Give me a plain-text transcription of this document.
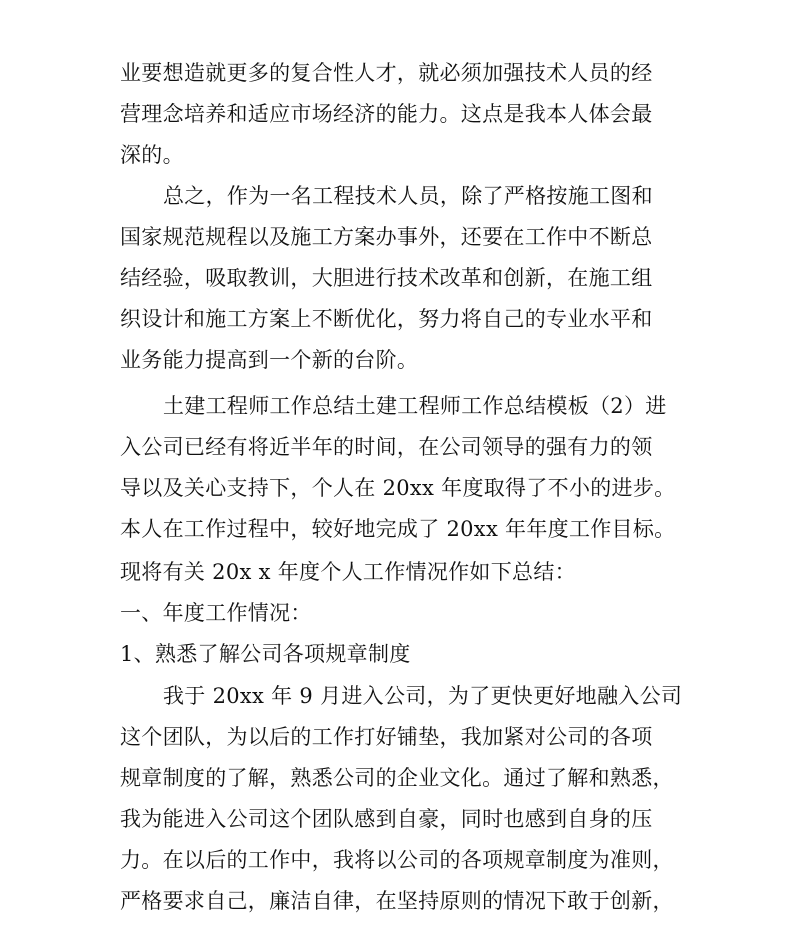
业要想造就更多的复合性人才，就必须加强技术人员的经
营理念培养和适应市场经济的能力。这点是我本人体会最
深的。
总之，作为一名工程技术人员，除了严格按施工图和
国家规范规程以及施工方案办事外，还要在工作中不断总
结经验，吸取教训，大胆进行技术改革和创新，在施工组
织设计和施工方案上不断优化，努力将自己的专业水平和
业务能力提高到一个新的台阶。
土建工程师工作总结土建工程师工作总结模板（2）进
入公司已经有将近半年的时间，在公司领导的强有力的领
导以及关心支持下，个人在 20xx 年度取得了不小的进步。
本人在工作过程中，较好地完成了 20xx 年年度工作目标。
现将有关 20x x 年度个人工作情况作如下总结：
一、年度工作情况：
1、熟悉了解公司各项规章制度
我于 20xx 年 9 月进入公司，为了更快更好地融入公司
这个团队，为以后的工作打好铺垫，我加紧对公司的各项
规章制度的了解，熟悉公司的企业文化。通过了解和熟悉，
我为能进入公司这个团队感到自豪，同时也感到自身的压
力。在以后的工作中，我将以公司的各项规章制度为准则，
严格要求自己，廉洁自律，在坚持原则的情况下敢于创新，
